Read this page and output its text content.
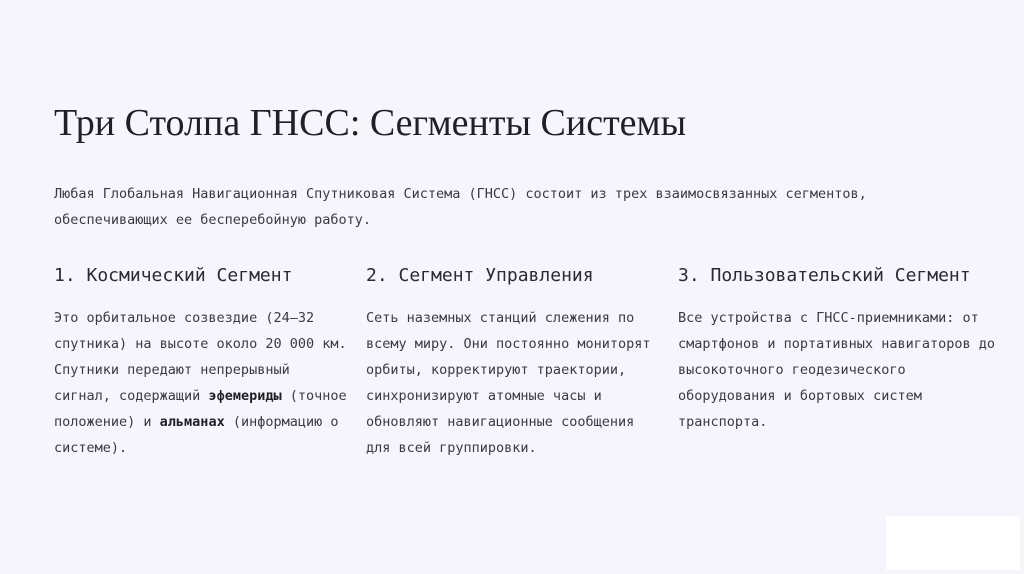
Три Столпа ГНСС: Сегменты Системы

Любая Глобальная Навигационная Спутниковая Система (ГНСС) состоит из трех взаимосвязанных сегментов, обеспечивающих ее бесперебойную работу.

1. Космический Сегмент

Это орбитальное созвездие (24–32 спутника) на высоте около 20 000 км. Спутники передают непрерывный сигнал, содержащий эфемериды (точное положение) и альманах (информацию о системе).

2. Сегмент Управления

Сеть наземных станций слежения по всему миру. Они постоянно мониторят орбиты, корректируют траектории, синхронизируют атомные часы и обновляют навигационные сообщения для всей группировки.

3. Пользовательский Сегмент

Все устройства с ГНСС-приемниками: от смартфонов и портативных навигаторов до высокоточного геодезического оборудования и бортовых систем транспорта.
